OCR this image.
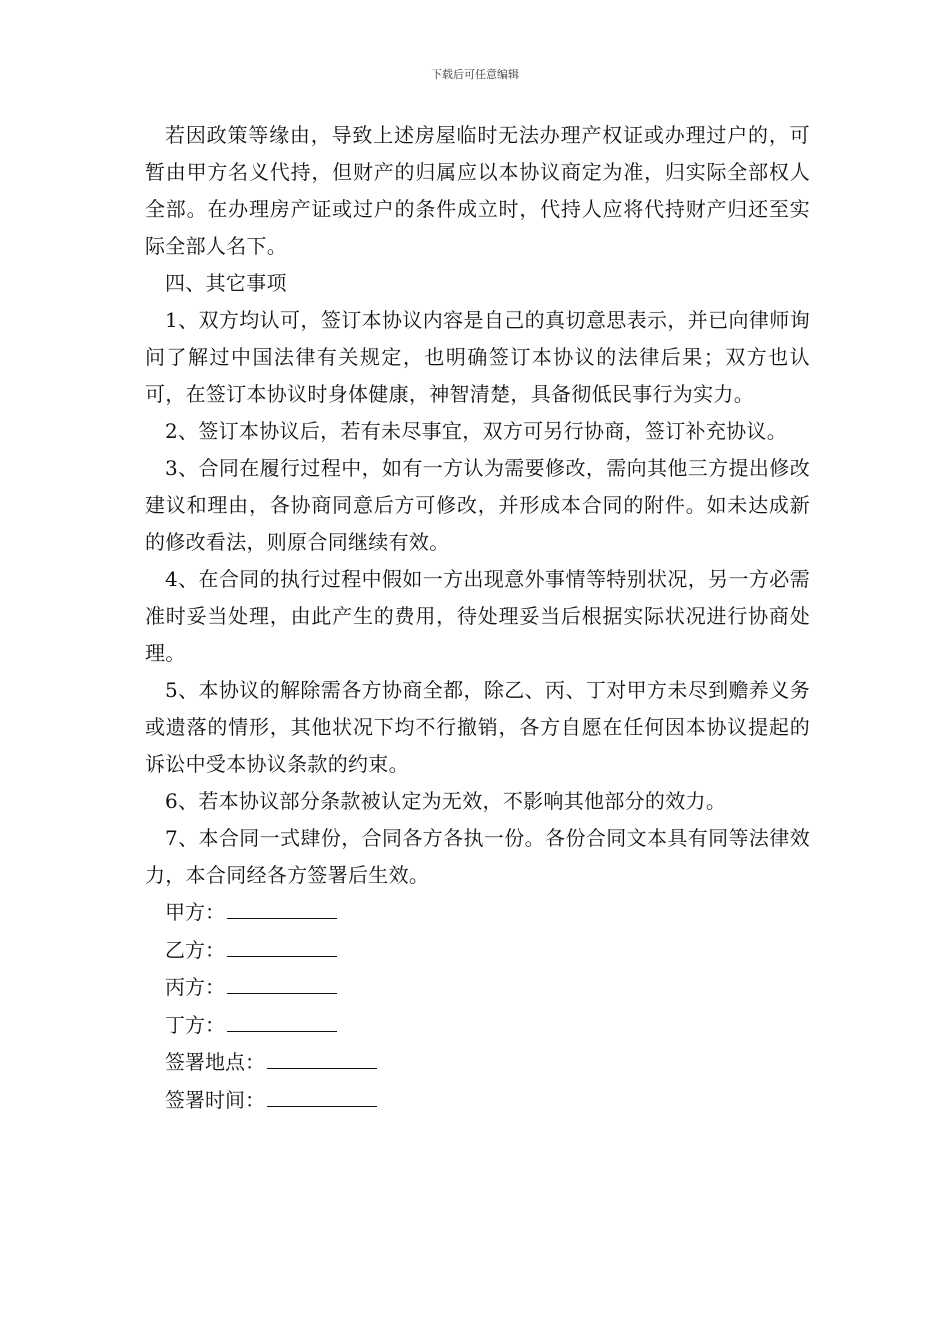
下载后可任意编辑

若因政策等缘由，导致上述房屋临时无法办理产权证或办理过户的，可暂由甲方名义代持，但财产的归属应以本协议商定为准，归实际全部权人全部。在办理房产证或过户的条件成立时，代持人应将代持财产归还至实际全部人名下。

四、其它事项

1、双方均认可，签订本协议内容是自己的真切意思表示，并已向律师询问了解过中国法律有关规定，也明确签订本协议的法律后果；双方也认可，在签订本协议时身体健康，神智清楚，具备彻低民事行为实力。

2、签订本协议后，若有未尽事宜，双方可另行协商，签订补充协议。

3、合同在履行过程中，如有一方认为需要修改，需向其他三方提出修改建议和理由，各协商同意后方可修改，并形成本合同的附件。如未达成新的修改看法，则原合同继续有效。

4、在合同的执行过程中假如一方出现意外事情等特别状况，另一方必需准时妥当处理，由此产生的费用，待处理妥当后根据实际状况进行协商处理。

5、本协议的解除需各方协商全都，除乙、丙、丁对甲方未尽到赡养义务或遗落的情形，其他状况下均不行撤销，各方自愿在任何因本协议提起的诉讼中受本协议条款的约束。

6、若本协议部分条款被认定为无效，不影响其他部分的效力。

7、本合同一式肆份，合同各方各执一份。各份合同文本具有同等法律效力，本合同经各方签署后生效。

甲方：

乙方：

丙方：

丁方：

签署地点：

签署时间：
